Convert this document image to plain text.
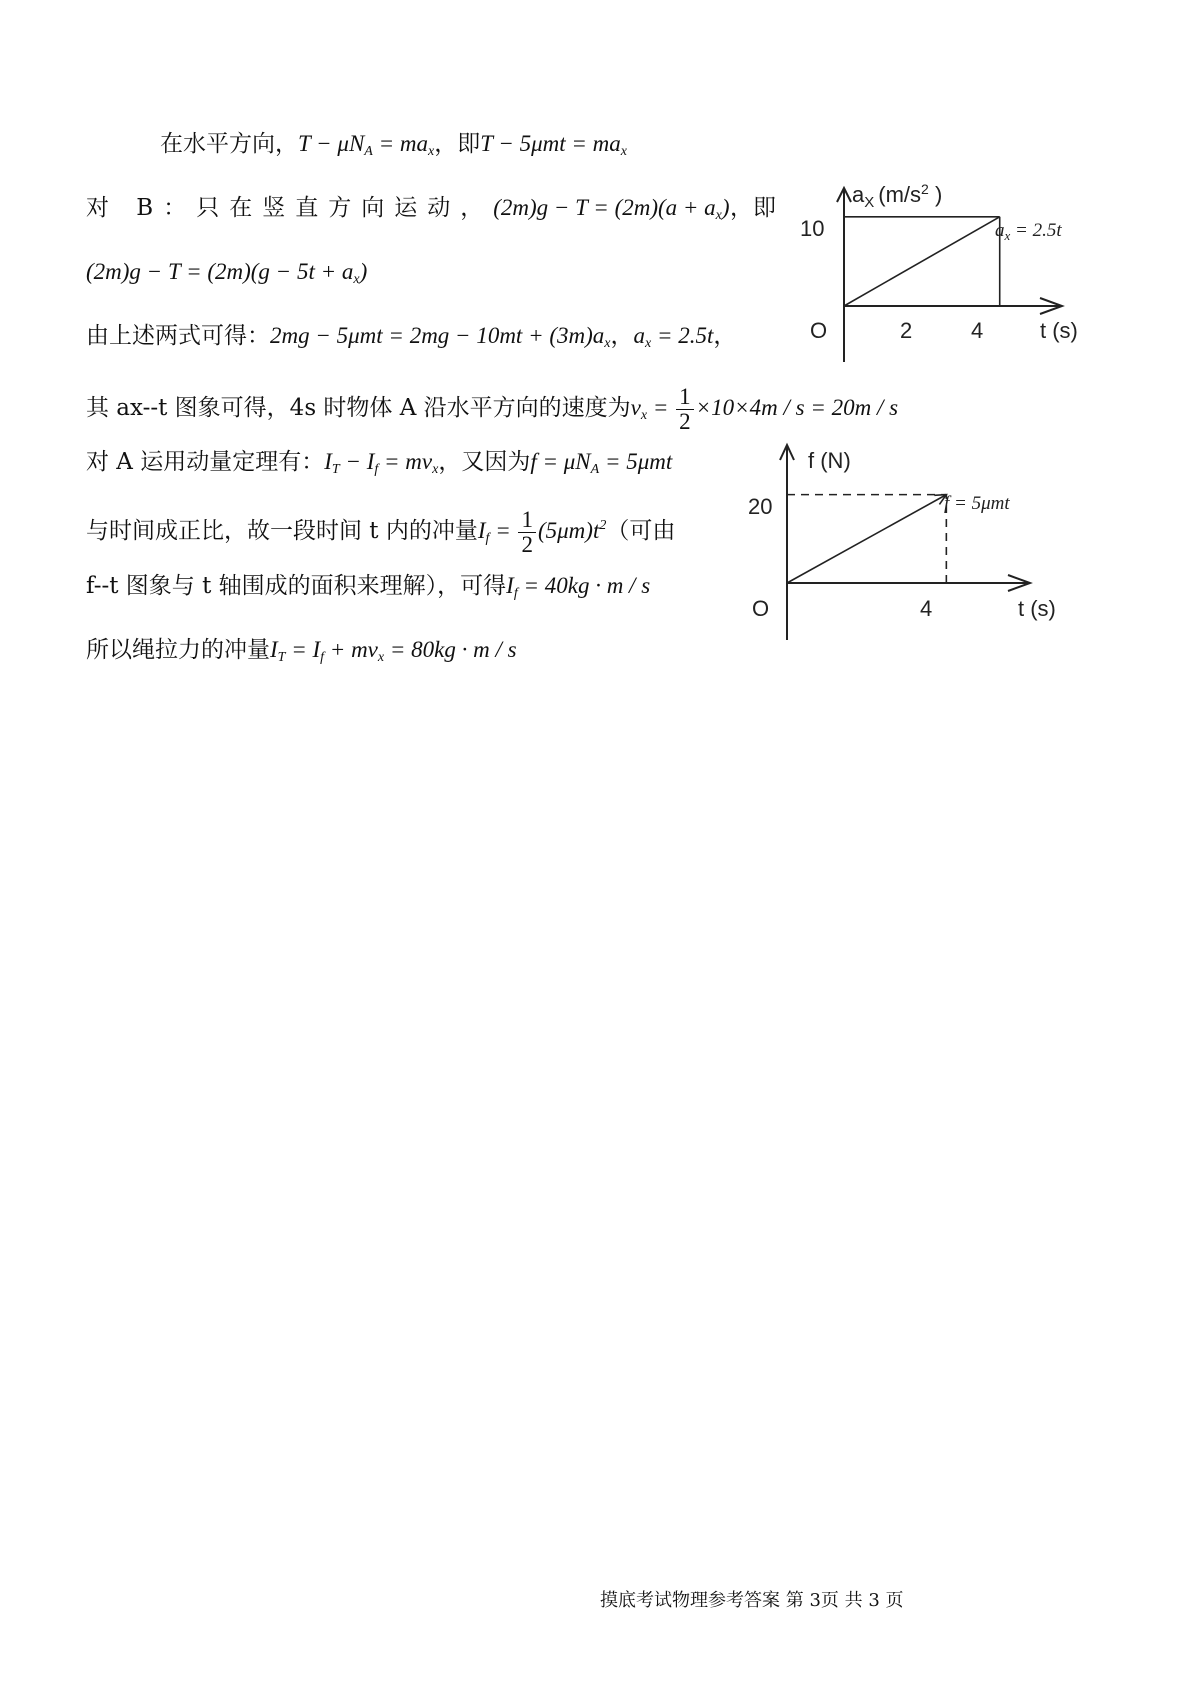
在水平方向，$T - \mu N_A = ma_x$，即$T - 5\mu mt = ma_x$
对 B：只在竖直方向运动，$(2m)g - T = (2m)(a + a_x)$ ，即
$(2m)g - T = (2m)(g - 5t + a_x)$
由上述两式可得：$2mg - 5\mu mt = 2mg - 10mt + (3m)a_x$，$a_x = 2.5t$，
其 ax--t 图象可得，4s 时物体 A 沿水平方向的速度为$v_x = \frac{1}{2} \times 10\times 4m / s = 20m / s$
对 A 运用动量定理有：$I_T - I_f = mv_x$，又因为$f = \mu N_A = 5\mu mt$
与时间成正比，故一段时间 t 内的冲量$I_f = \frac{1}{2} (5\mu m)t^2$（可由
f--t 图象与 t 轴围成的面积来理解），可得$I_f = 40kg \cdot m / s$
所以绳拉力的冲量$I_T = I_f + mv_x = 80kg \cdot m / s$
$a_X$ ($m/s^2$ )
10
O	2	4	t (s)
$a_x = 2.5t$
f (N)
20
O	4	t (s)
f = 5μmt
摸底考试物理参考答案 第 3页 共 3 页
